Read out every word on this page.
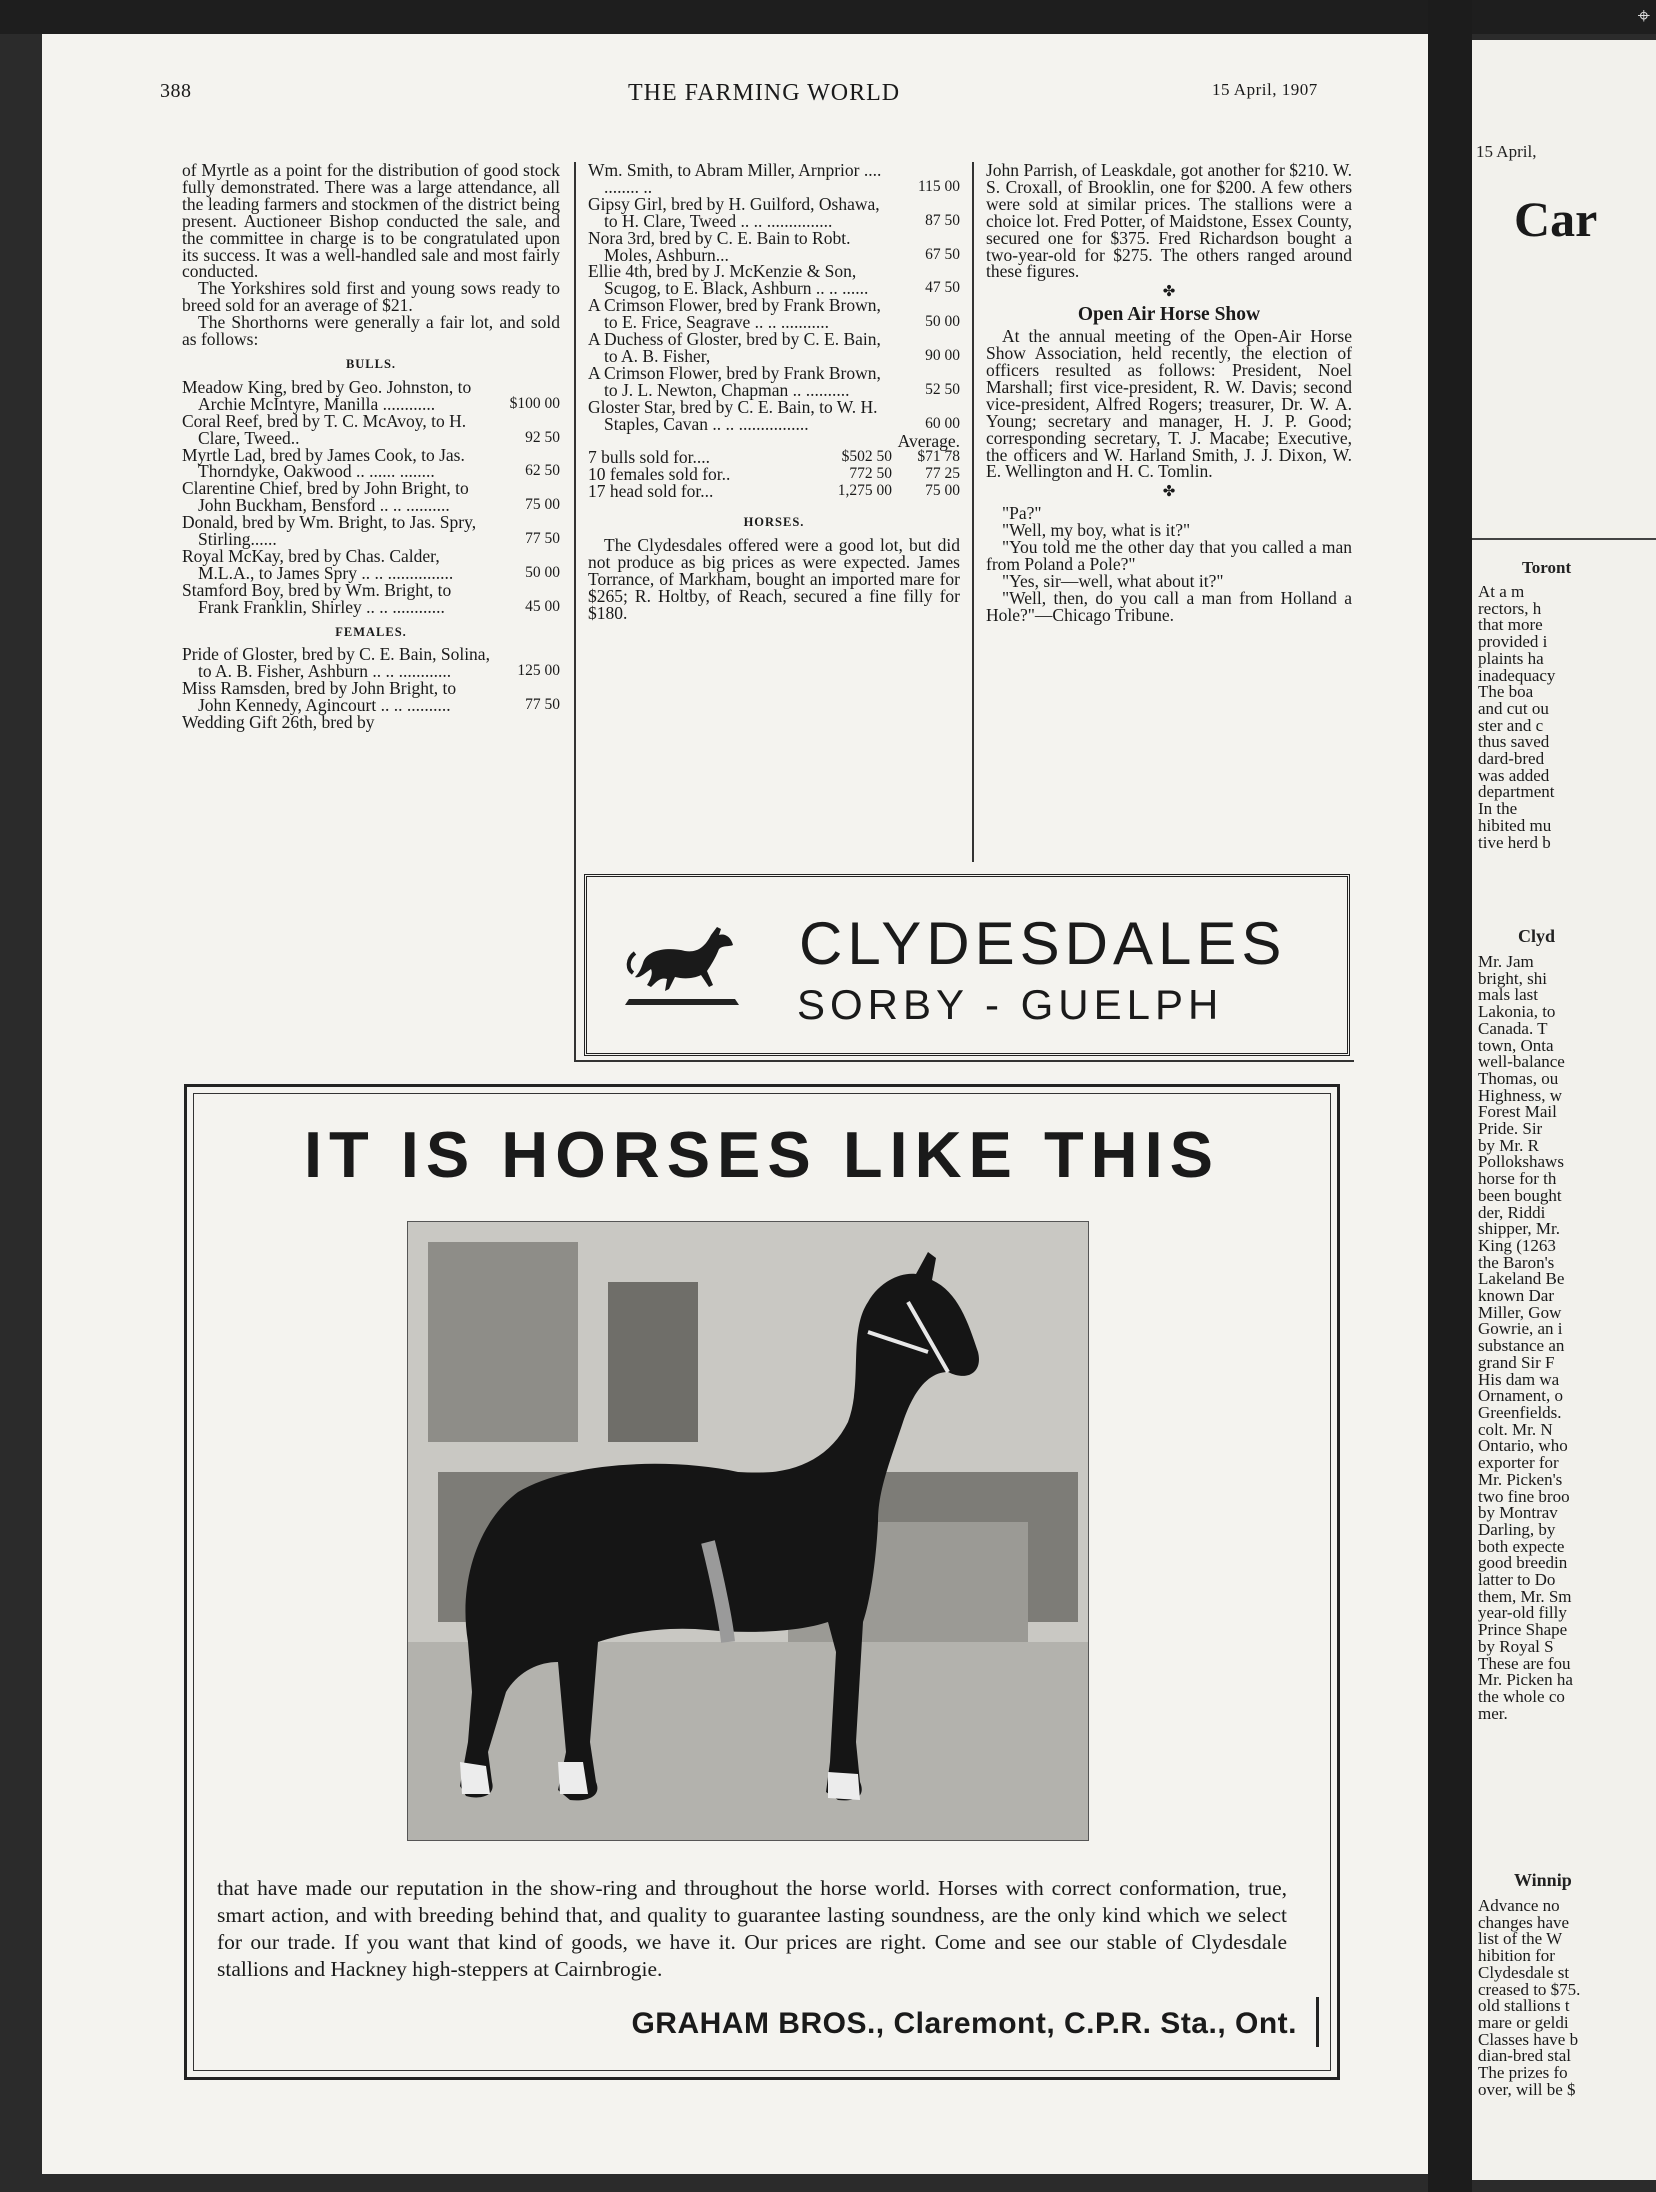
⌖
388	THE FARMING WORLD	15 April, 1907

of Myrtle as a point for the distribution of good stock fully demonstrated. There was a large attendance, all the leading farmers and stockmen of the district being present. Auctioneer Bishop conducted the sale, and the committee in charge is to be congratulated upon its success. It was a well-handled sale and most fairly conducted.

The Yorkshires sold first and young sows ready to breed sold for an average of $21.

The Shorthorns were generally a fair lot, and sold as follows:

BULLS.
Meadow King, bred by Geo. Johnston, to Archie McIntyre, Manilla ............	$100 00
Coral Reef, bred by T. C. McAvoy, to H. Clare, Tweed..	92 50
Myrtle Lad, bred by James Cook, to Jas. Thorndyke, Oakwood .. ...... ........	62 50
Clarentine Chief, bred by John Bright, to John Buckham, Bensford .. .. ..........	75 00
Donald, bred by Wm. Bright, to Jas. Spry, Stirling......	77 50
Royal McKay, bred by Chas. Calder, M.L.A., to James Spry .. .. ...............	50 00
Stamford Boy, bred by Wm. Bright, to Frank Franklin, Shirley .. .. ............	45 00
FEMALES.
Pride of Gloster, bred by C. E. Bain, Solina, to A. B. Fisher, Ashburn .. .. ............	125 00
Miss Ramsden, bred by John Bright, to John Kennedy, Agincourt .. .. ..........	77 50
Wedding Gift 26th, bred by
Wm. Smith, to Abram Miller, Arnprior .... ........ ..	115 00
Gipsy Girl, bred by H. Guilford, Oshawa, to H. Clare, Tweed .. .. ...............	87 50
Nora 3rd, bred by C. E. Bain to Robt. Moles, Ashburn...	67 50
Ellie 4th, bred by J. McKenzie & Son, Scugog, to E. Black, Ashburn .. .. ......	47 50
A Crimson Flower, bred by Frank Brown, to E. Frice, Seagrave .. .. ...........	50 00
A Duchess of Gloster, bred by C. E. Bain, to A. B. Fisher,	90 00
A Crimson Flower, bred by Frank Brown, to J. L. Newton, Chapman .. ..........	52 50
Gloster Star, bred by C. E. Bain, to W. H. Staples, Cavan .. .. ................	60 00
Average.
7 bulls sold for....	$502 50	$71 78
10 females sold for..	772 50	77 25
17 head sold for...	1,275 00	75 00
HORSES.

The Clydesdales offered were a good lot, but did not produce as big prices as were expected. James Torrance, of Markham, bought an imported mare for $265; R. Holtby, of Reach, secured a fine filly for $180.

John Parrish, of Leaskdale, got another for $210. W. S. Croxall, of Brooklin, one for $200. A few others were sold at similar prices. The stallions were a choice lot. Fred Potter, of Maidstone, Essex County, secured one for $375. Fred Richardson bought a two-year-old for $275. The others ranged around these figures.

✤
Open Air Horse Show

At the annual meeting of the Open-Air Horse Show Association, held recently, the election of officers resulted as follows: President, Noel Marshall; first vice-president, R. W. Davis; second vice-president, Alfred Rogers; treasurer, Dr. W. A. Young; secretary and manager, H. J. P. Good; corresponding secretary, T. J. Macabe; Executive, the officers and W. Harland Smith, J. J. Dixon, W. E. Wellington and H. C. Tomlin.

✤

"Pa?"

"Well, my boy, what is it?"

"You told me the other day that you called a man from Poland a Pole?"

"Yes, sir—well, what about it?"

"Well, then, do you call a man from Holland a Hole?"—Chicago Tribune.

CLYDESDALES
SORBY - GUELPH
IT IS HORSES LIKE THIS

that have made our reputation in the show-ring and throughout the horse world. Horses with correct conformation, true, smart action, and with breeding behind that, and quality to guarantee lasting soundness, are the only kind which we select for our trade. If you want that kind of goods, we have it. Our prices are right. Come and see our stable of Clydesdale stallions and Hackney high-steppers at Cairnbrogie.

GRAHAM BROS., Claremont, C.P.R. Sta., Ont.
15 April,
Car
Toront
At a m
rectors, h
that more
provided i
plaints ha
inadequacy
The boa
and cut ou
ster and c
thus saved
dard-bred
was added
department
In the
hibited mu
tive herd b
Clyd
Mr. Jam
bright, shi
mals last
Lakonia, to
Canada. T
town, Onta
well-balance
Thomas, ou
Highness, w
Forest Mail
Pride. Sir
by Mr. R
Pollokshaws
horse for th
been bought
der, Riddi
shipper, Mr.
King (1263
the Baron's
Lakeland Be
known Dar
Miller, Gow
Gowrie, an i
substance an
grand Sir F
His dam wa
Ornament, o
Greenfields.
colt. Mr. N
Ontario, who
exporter for
Mr. Picken's
two fine broo
by Montrav
Darling, by
both expecte
good breedin
latter to Do
them, Mr. Sm
year-old filly
Prince Shape
by Royal S
These are fou
Mr. Picken ha
the whole co
mer.
Winnip
Advance no
changes have
list of the W
hibition for
Clydesdale st
creased to $75.
old stallions t
mare or geldi
Classes have b
dian-bred stal
The prizes fo
over, will be $
